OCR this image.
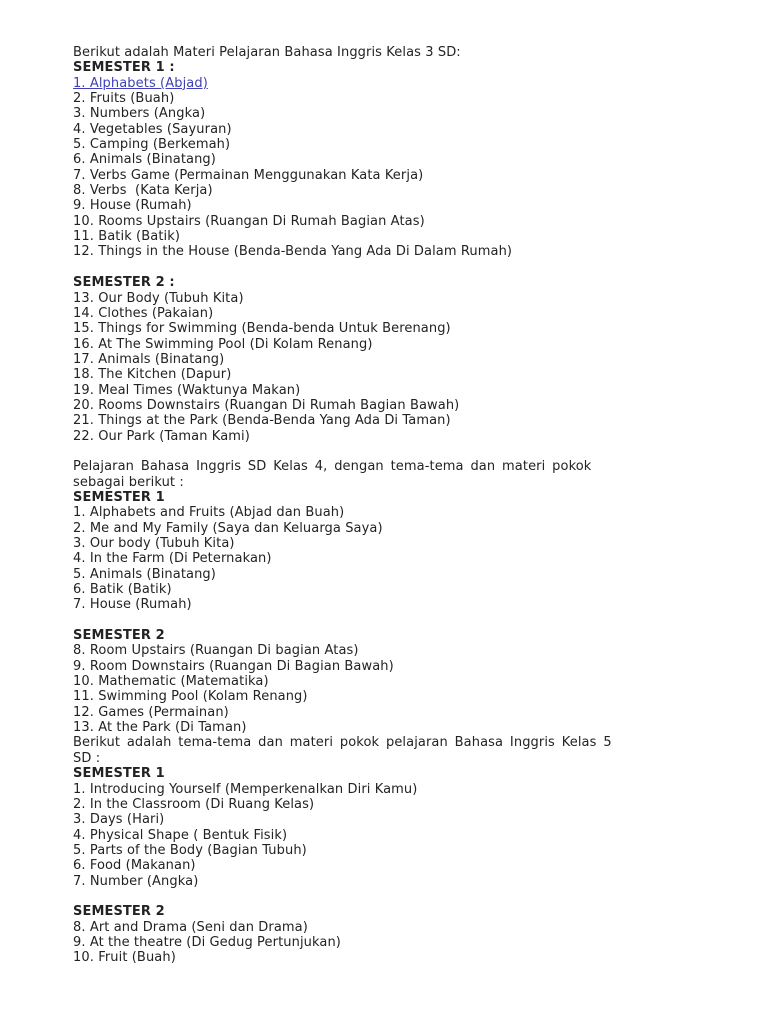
Berikut adalah Materi Pelajaran Bahasa Inggris Kelas 3 SD:
SEMESTER 1 :
1. Alphabets (Abjad)
2. Fruits (Buah)
3. Numbers (Angka)
4. Vegetables (Sayuran)
5. Camping (Berkemah)
6. Animals (Binatang)
7. Verbs Game (Permainan Menggunakan Kata Kerja)
8. Verbs  (Kata Kerja)
9. House (Rumah)
10. Rooms Upstairs (Ruangan Di Rumah Bagian Atas)
11. Batik (Batik)
12. Things in the House (Benda-Benda Yang Ada Di Dalam Rumah)
SEMESTER 2 :
13. Our Body (Tubuh Kita)
14. Clothes (Pakaian)
15. Things for Swimming (Benda-benda Untuk Berenang)
16. At The Swimming Pool (Di Kolam Renang)
17. Animals (Binatang)
18. The Kitchen (Dapur)
19. Meal Times (Waktunya Makan)
20. Rooms Downstairs (Ruangan Di Rumah Bagian Bawah)
21. Things at the Park (Benda-Benda Yang Ada Di Taman)
22. Our Park (Taman Kami)
Pelajaran Bahasa Inggris SD Kelas 4, dengan tema-tema dan materi pokok
sebagai berikut :
SEMESTER 1
1. Alphabets and Fruits (Abjad dan Buah)
2. Me and My Family (Saya dan Keluarga Saya)
3. Our body (Tubuh Kita)
4. In the Farm (Di Peternakan)
5. Animals (Binatang)
6. Batik (Batik)
7. House (Rumah)
SEMESTER 2
8. Room Upstairs (Ruangan Di bagian Atas)
9. Room Downstairs (Ruangan Di Bagian Bawah)
10. Mathematic (Matematika)
11. Swimming Pool (Kolam Renang)
12. Games (Permainan)
13. At the Park (Di Taman)
Berikut adalah tema-tema dan materi pokok pelajaran Bahasa Inggris Kelas 5
SD :
SEMESTER 1
1. Introducing Yourself (Memperkenalkan Diri Kamu)
2. In the Classroom (Di Ruang Kelas)
3. Days (Hari)
4. Physical Shape ( Bentuk Fisik)
5. Parts of the Body (Bagian Tubuh)
6. Food (Makanan)
7. Number (Angka)
SEMESTER 2
8. Art and Drama (Seni dan Drama)
9. At the theatre (Di Gedug Pertunjukan)
10. Fruit (Buah)
